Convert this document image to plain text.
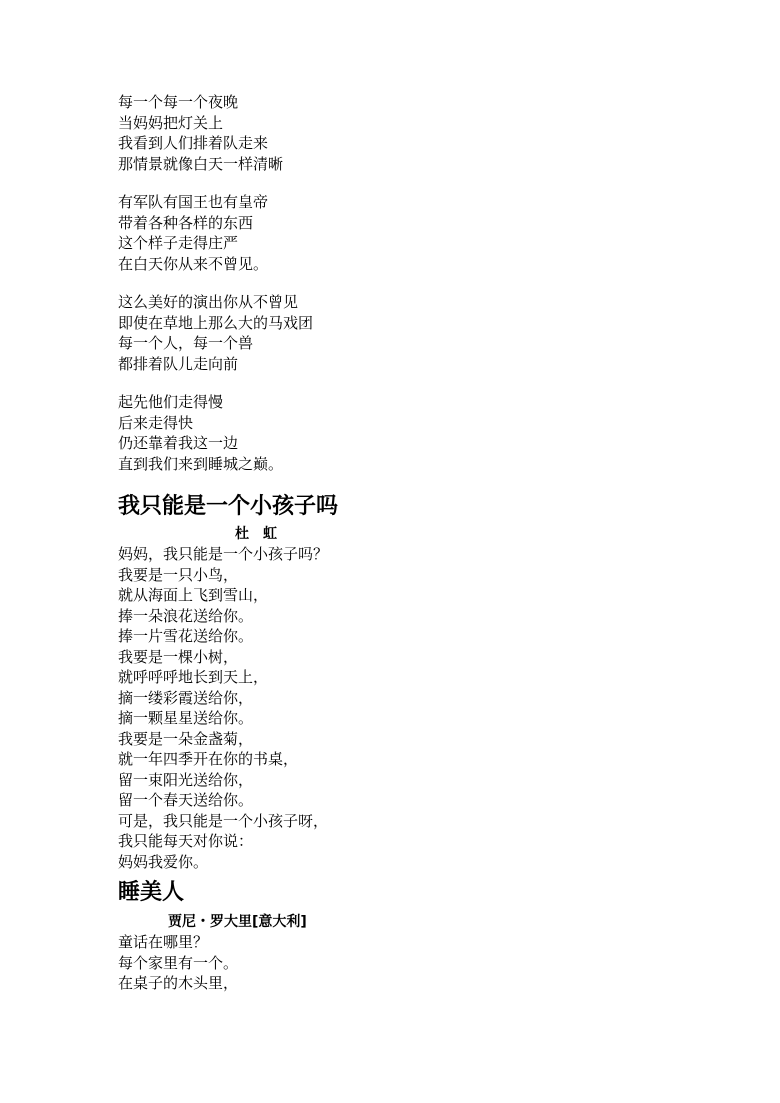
每一个每一个夜晚
当妈妈把灯关上
我看到人们排着队走来
那情景就像白天一样清晰
有军队有国王也有皇帝
带着各种各样的东西
这个样子走得庄严
在白天你从来不曾见。
这么美好的演出你从不曾见
即使在草地上那么大的马戏团
每一个人，每一个兽
都排着队儿走向前
起先他们走得慢
后来走得快
仍还靠着我这一边
直到我们来到睡城之巅。
我只能是一个小孩子吗
杜　虹
妈妈，我只能是一个小孩子吗？
我要是一只小鸟，
就从海面上飞到雪山，
捧一朵浪花送给你。
捧一片雪花送给你。
我要是一棵小树，
就呼呼呼地长到天上，
摘一缕彩霞送给你，
摘一颗星星送给你。
我要是一朵金盏菊，
就一年四季开在你的书桌，
留一束阳光送给你，
留一个春天送给你。
可是，我只能是一个小孩子呀，
我只能每天对你说：
妈妈我爱你。
睡美人
贾尼・罗大里[意大利]
童话在哪里？
每个家里有一个。
在桌子的木头里，
